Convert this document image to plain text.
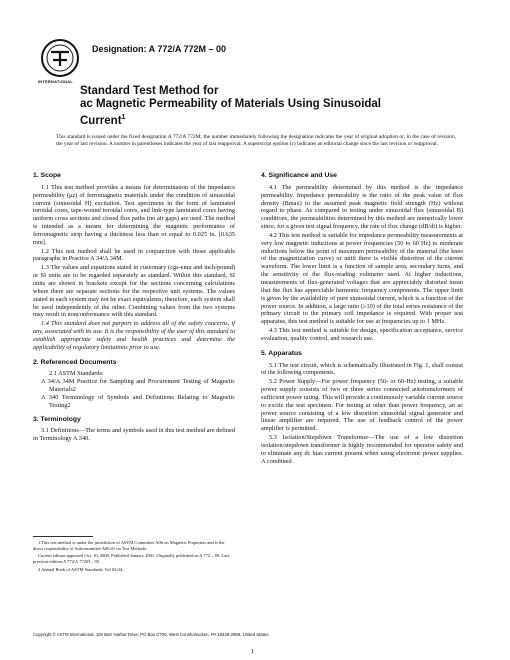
INTERNATIONAL
Designation: A 772/A 772M – 00
Standard Test Method for
ac Magnetic Permeability of Materials Using Sinusoidal
Current$^1$
This standard is issued under the fixed designation A 772/A 772M; the number immediately following the designation indicates the year of original adoption or, in the case of revision, the year of last revision. A number in parentheses indicates the year of last reapproval. A superscript epsilon (ε) indicates an editorial change since the last revision or reapproval.
1. Scope

1.1 This test method provides a means for determination of the impedance permeability (μz) of ferromagnetic materials under the condition of sinusoidal current (sinusoidal H) excitation. Test specimens in the form of laminated toroidal cores, tape-wound toroidal cores, and link-type laminated cores having uniform cross sections and closed flux paths (no air gaps) are used. The method is intended as a means for determining the magnetic performance of ferromagnetic strip having a thickness less than or equal to 0.025 in. [0.635 mm].

1.2 This test method shall be used in conjunction with those applicable paragraphs in Practice A 34/A 34M.

1.3 The values and equations stated in customary (cgs-emu and inch-pound) or SI units are to be regarded separately as standard. Within this standard, SI units are shown in brackets except for the sections concerning calculations where there are separate sections for the respective unit systems. The values stated in each system may not be exact equivalents; therefore, each system shall be used independently of the other. Combining values from the two systems may result in nonconformance with this standard.

1.4 This standard does not purport to address all of the safety concerns, if any, associated with its use. It is the responsibility of the user of this standard to establish appropriate safety and health practices and determine the applicability of regulatory limitations prior to use.

2. Referenced Documents

2.1 ASTM Standards:

A 34/A 34M Practice for Sampling and Procurement Testing of Magnetic Materials2

A 340 Terminology of Symbols and Definitions Relating to Magnetic Testing2

3. Terminology

3.1 Definitions—The terms and symbols used in this test method are defined in Terminology A 340.

4. Significance and Use

4.1 The permeability determined by this method is the impedance permeability. Impedance permeability is the ratio of the peak value of flux density (Bmax) to the assumed peak magnetic field strength (Hz) without regard to phase. As compared to testing under sinusoidal flux (sinusoidal B) conditions, the permeabilities determined by this method are numerically lower since, for a given test signal frequency, the rate of flux change (dB/dt) is higher.

4.2 This test method is suitable for impedance permeability measurements at very low magnetic inductions at power frequencies (50 to 60 Hz) to moderate inductions below the point of maximum permeability of the material (the knee of the magnetization curve) or until there is visible distortion of the current waveform. The lower limit is a function of sample area, secondary turns, and the sensitivity of the flux-reading voltmeter used. At higher inductions, measurements of flux-generated voltages that are appreciably distorted mean that the flux has appreciable harmonic frequency components. The upper limit is given by the availability of pure sinusoidal current, which is a function of the power source. In addition, a large ratio (≥10) of the total series resistance of the primary circuit to the primary coil impedance is required. With proper test apparatus, this test method is suitable for use at frequencies up to 1 MHz.

4.3 This test method is suitable for design, specification acceptance, service evaluation, quality control, and research use.

5. Apparatus

5.1 The test circuit, which is schematically illustrated in Fig. 1, shall consist of the following components.

5.2 Power Supply—For power frequency (50- or 60-Hz) testing, a suitable power supply consists of two or three series connected autotransformers of sufficient power rating. This will provide a continuously variable current source to excite the test specimen. For testing at other than power frequency, an ac power source consisting of a low distortion sinusoidal signal generator and linear amplifier are required. The use of feedback control of the power amplifier is permitted.

5.3 Isolation/Stepdown Transformer—The use of a low distortion isolation/stepdown transformer is highly recommended for operator safety and to eliminate any dc bias current present when using electronic power supplies. A combined

1 This test method is under the jurisdiction of ASTM Committee A06 on Magnetic Properties and is the direct responsibility of Subcommittee A06.01 on Test Methods.

Current edition approved Oct. 10, 2000. Published January 2001. Originally published as A 772 – 80. Last previous edition A 772/A 772M – 95.

2 Annual Book of ASTM Standards, Vol 03.04.

Copyright © ASTM International, 100 Barr Harbor Drive, PO Box C700, West Conshohocken, PA 19428-2959, United States.
1
